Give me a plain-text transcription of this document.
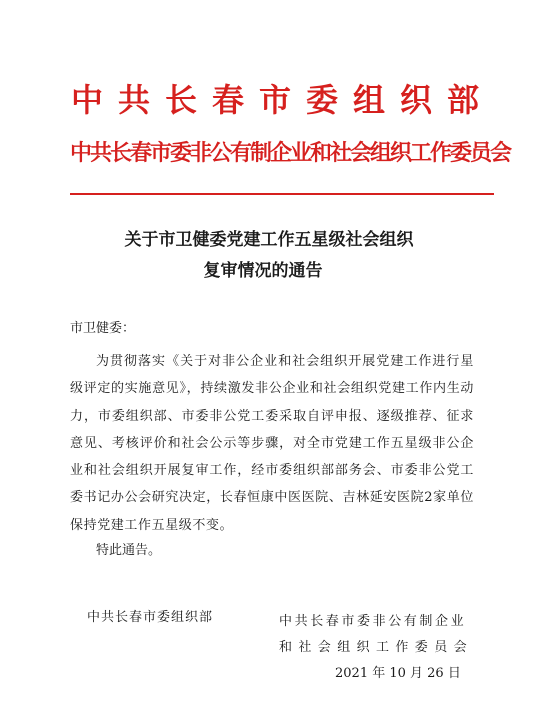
中共长春市委组织部
中共长春市委非公有制企业和社会组织工作委员会
关于市卫健委党建工作五星级社会组织
复审情况的通告
市卫健委：
为贯彻落实《关于对非公企业和社会组织开展党建工作进行星级评定的实施意见》，持续激发非公企业和社会组织党建工作内生动力，市委组织部、市委非公党工委采取自评申报、逐级推荐、征求意见、考核评价和社会公示等步骤，对全市党建工作五星级非公企业和社会组织开展复审工作，经市委组织部部务会、市委非公党工委书记办公会研究决定，长春恒康中医医院、吉林延安医院2家单位保持党建工作五星级不变。
特此通告。
中共长春市委组织部	中共长春市委非公有制企业
和社会组织工作委员会
2021 年 10 月 26 日
